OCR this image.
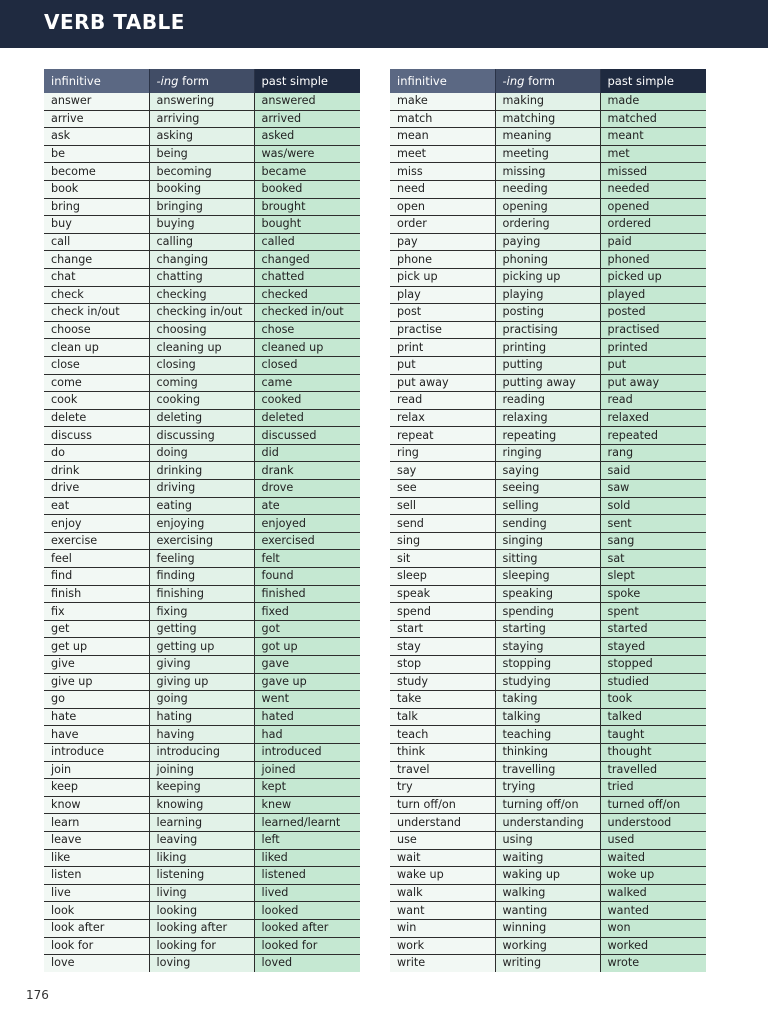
VERB TABLE
infinitive	-ing form	past simple
answer	answering	answered
arrive	arriving	arrived
ask	asking	asked
be	being	was/were
become	becoming	became
book	booking	booked
bring	bringing	brought
buy	buying	bought
call	calling	called
change	changing	changed
chat	chatting	chatted
check	checking	checked
check in/out	checking in/out	checked in/out
choose	choosing	chose
clean up	cleaning up	cleaned up
close	closing	closed
come	coming	came
cook	cooking	cooked
delete	deleting	deleted
discuss	discussing	discussed
do	doing	did
drink	drinking	drank
drive	driving	drove
eat	eating	ate
enjoy	enjoying	enjoyed
exercise	exercising	exercised
feel	feeling	felt
find	finding	found
finish	finishing	finished
fix	fixing	fixed
get	getting	got
get up	getting up	got up
give	giving	gave
give up	giving up	gave up
go	going	went
hate	hating	hated
have	having	had
introduce	introducing	introduced
join	joining	joined
keep	keeping	kept
know	knowing	knew
learn	learning	learned/learnt
leave	leaving	left
like	liking	liked
listen	listening	listened
live	living	lived
look	looking	looked
look after	looking after	looked after
look for	looking for	looked for
love	loving	loved
infinitive	-ing form	past simple
make	making	made
match	matching	matched
mean	meaning	meant
meet	meeting	met
miss	missing	missed
need	needing	needed
open	opening	opened
order	ordering	ordered
pay	paying	paid
phone	phoning	phoned
pick up	picking up	picked up
play	playing	played
post	posting	posted
practise	practising	practised
print	printing	printed
put	putting	put
put away	putting away	put away
read	reading	read
relax	relaxing	relaxed
repeat	repeating	repeated
ring	ringing	rang
say	saying	said
see	seeing	saw
sell	selling	sold
send	sending	sent
sing	singing	sang
sit	sitting	sat
sleep	sleeping	slept
speak	speaking	spoke
spend	spending	spent
start	starting	started
stay	staying	stayed
stop	stopping	stopped
study	studying	studied
take	taking	took
talk	talking	talked
teach	teaching	taught
think	thinking	thought
travel	travelling	travelled
try	trying	tried
turn off/on	turning off/on	turned off/on
understand	understanding	understood
use	using	used
wait	waiting	waited
wake up	waking up	woke up
walk	walking	walked
want	wanting	wanted
win	winning	won
work	working	worked
write	writing	wrote
176
